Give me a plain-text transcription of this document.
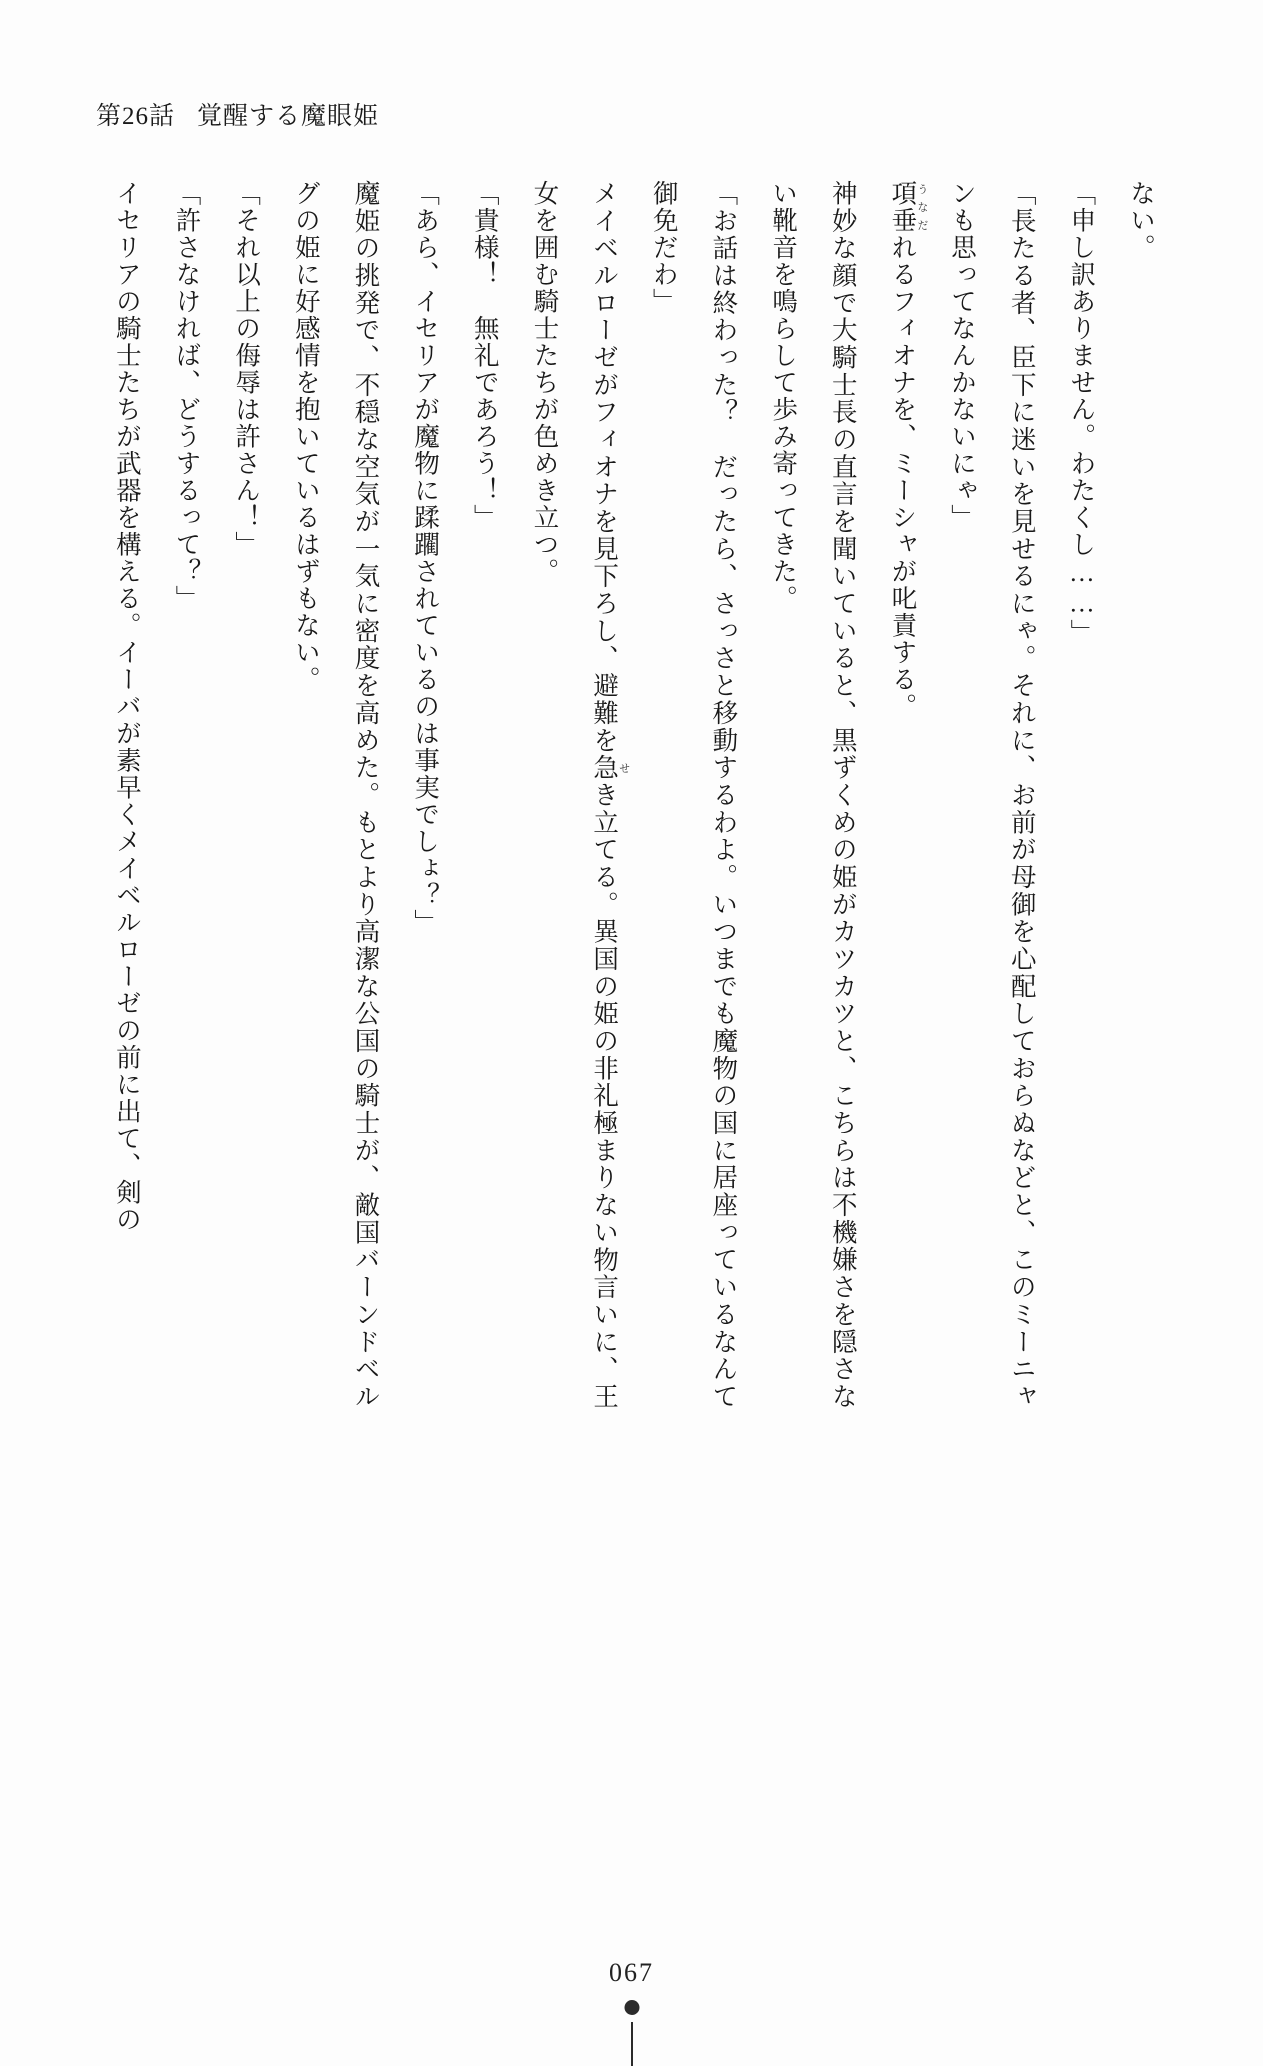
第26話 覚醒する魔眼姫

ない。

「申し訳ありません。わたくし……」

「長たる者、臣下に迷いを見せるにゃ。それに、お前が母御を心配しておらぬなどと、このミーニャンも思ってなんかないにゃ」

項垂うなだれるフィオナを、ミーシャが叱責する。

神妙な顔で大騎士長の直言を聞いていると、黒ずくめの姫がカツカツと、こちらは不機嫌さを隠さない靴音を鳴らして歩み寄ってきた。

「お話は終わった？　だったら、さっさと移動するわよ。いつまでも魔物の国に居座っているなんて御免だわ」

メイベルローゼがフィオナを見下ろし、避難を急せき立てる。異国の姫の非礼極まりない物言いに、王女を囲む騎士たちが色めき立つ。

「貴様！　無礼であろう！」

「あら、イセリアが魔物に蹂躙されているのは事実でしょ？」

魔姫の挑発で、不穏な空気が一気に密度を高めた。もとより高潔な公国の騎士が、敵国バーンドベルグの姫に好感情を抱いているはずもない。

「それ以上の侮辱は許さん！」

「許さなければ、どうするって？」

イセリアの騎士たちが武器を構える。イーバが素早くメイベルローゼの前に出て、剣の

067
